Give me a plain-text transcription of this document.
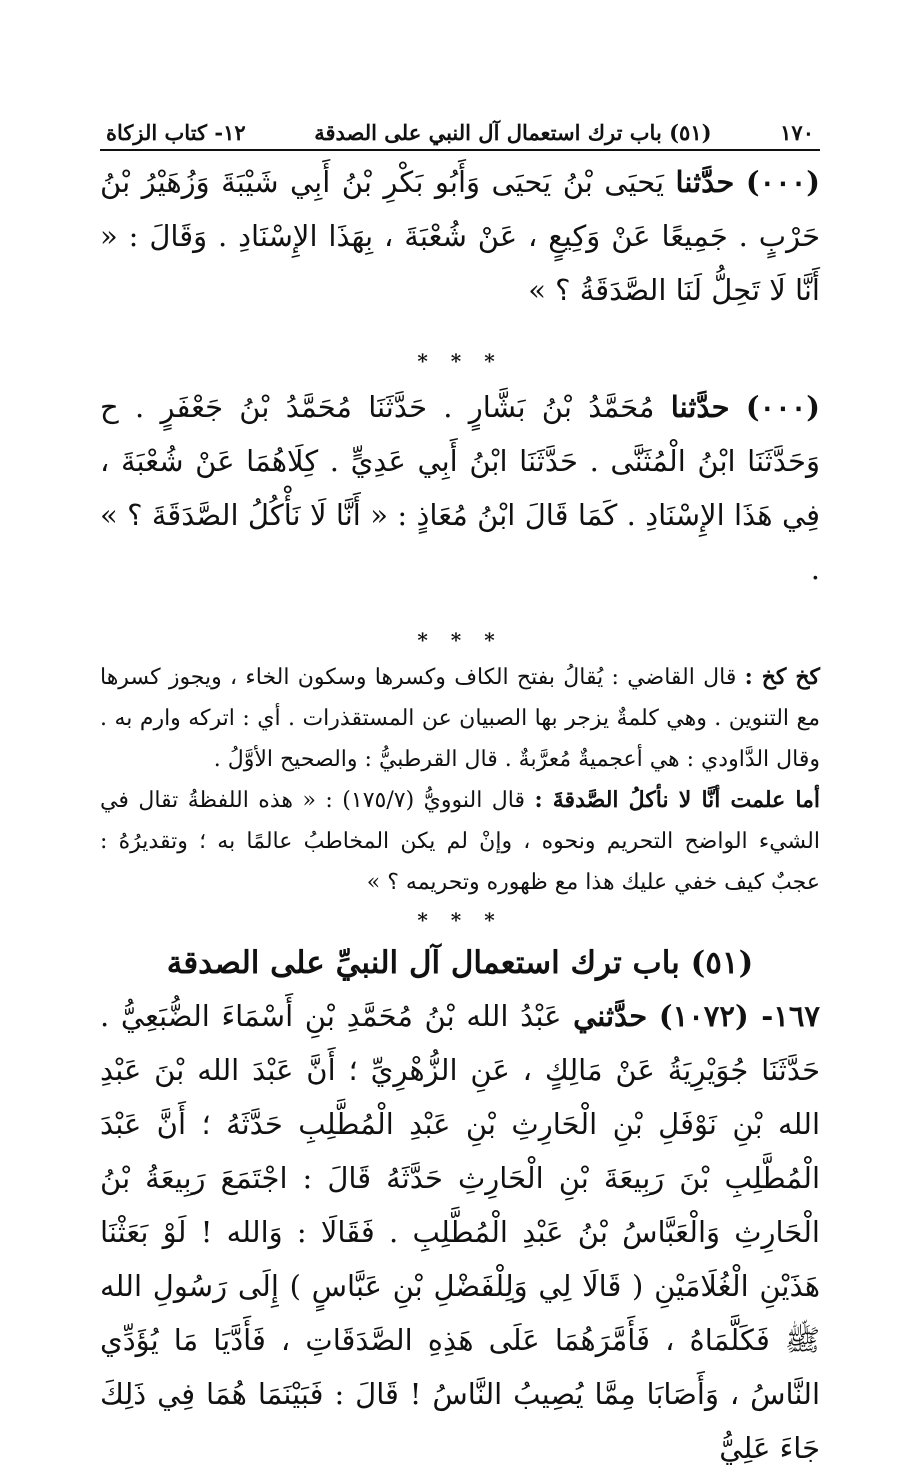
١٧٠
(٥١) باب ترك استعمال آل النبي على الصدقة
١٢- كتاب الزكاة

(٠٠٠) حدَّثنا يَحيَى بْنُ يَحيَى وَأَبُو بَكْرِ بْنُ أَبِي شَيْبَةَ وَزُهَيْرُ بْنُ حَرْبٍ . جَمِيعًا عَنْ وَكِيعٍ ، عَنْ شُعْبَةَ ، بِهَذَا الإِسْنَادِ . وَقَالَ : « أَنَّا لَا تَحِلُّ لَنَا الصَّدَقَةُ ؟ »

* * *

(٠٠٠) حدَّثنا مُحَمَّدُ بْنُ بَشَّارٍ . حَدَّثَنَا مُحَمَّدُ بْنُ جَعْفَرٍ . ح وَحَدَّثَنَا ابْنُ الْمُثَنَّى . حَدَّثَنَا ابْنُ أَبِي عَدِيٍّ . كِلَاهُمَا عَنْ شُعْبَةَ ، فِي هَذَا الإِسْنَادِ . كَمَا قَالَ ابْنُ مُعَاذٍ : « أَنَّا لَا نَأْكُلُ الصَّدَقَةَ ؟ » .

* * *

كخ كخ : قال القاضي : يُقالُ بفتح الكاف وكسرها وسكون الخاء ، ويجوز كسرها مع التنوين . وهي كلمةٌ يزجر بها الصبيان عن المستقذرات . أي : اتركه وارم به . وقال الدَّاودي : هي أعجميةٌ مُعرَّبةٌ . قال القرطبيُّ : والصحيح الأوَّلُ .

أما علمت أنَّا لا نأكلُ الصَّدقةَ : قال النوويُّ (١٧٥/٧) : « هذه اللفظةُ تقال في الشيء الواضح التحريم ونحوه ، وإنْ لم يكن المخاطبُ عالمًا به ؛ وتقديرُهُ : عجبٌ كيف خفي عليك هذا مع ظهوره وتحريمه ؟ »

* * *
(٥١) باب ترك استعمال آل النبيِّ على الصدقة

١٦٧- (١٠٧٢) حدَّثني عَبْدُ الله بْنُ مُحَمَّدِ بْنِ أَسْمَاءَ الضُّبَعِيُّ . حَدَّثَنَا جُوَيْرِيَةُ عَنْ مَالِكٍ ، عَنِ الزُّهْرِيِّ ؛ أَنَّ عَبْدَ الله بْنَ عَبْدِ الله بْنِ نَوْفَلِ بْنِ الْحَارِثِ بْنِ عَبْدِ الْمُطَّلِبِ حَدَّثَهُ ؛ أَنَّ عَبْدَ الْمُطَّلِبِ بْنَ رَبِيعَةَ بْنِ الْحَارِثِ حَدَّثَهُ قَالَ : اجْتَمَعَ رَبِيعَةُ بْنُ الْحَارِثِ وَالْعَبَّاسُ بْنُ عَبْدِ الْمُطَّلِبِ . فَقَالَا : وَالله ! لَوْ بَعَثْنَا هَذَيْنِ الْغُلَامَيْنِ ( قَالَا لِي وَلِلْفَضْلِ بْنِ عَبَّاسٍ ) إِلَى رَسُولِ الله ﷺ فَكَلَّمَاهُ ، فَأَمَّرَهُمَا عَلَى هَذِهِ الصَّدَقَاتِ ، فَأَدَّيَا مَا يُؤَدِّي النَّاسُ ، وَأَصَابَا مِمَّا يُصِيبُ النَّاسُ ! قَالَ : فَبَيْنَمَا هُمَا فِي ذَلِكَ جَاءَ عَلِيُّ
